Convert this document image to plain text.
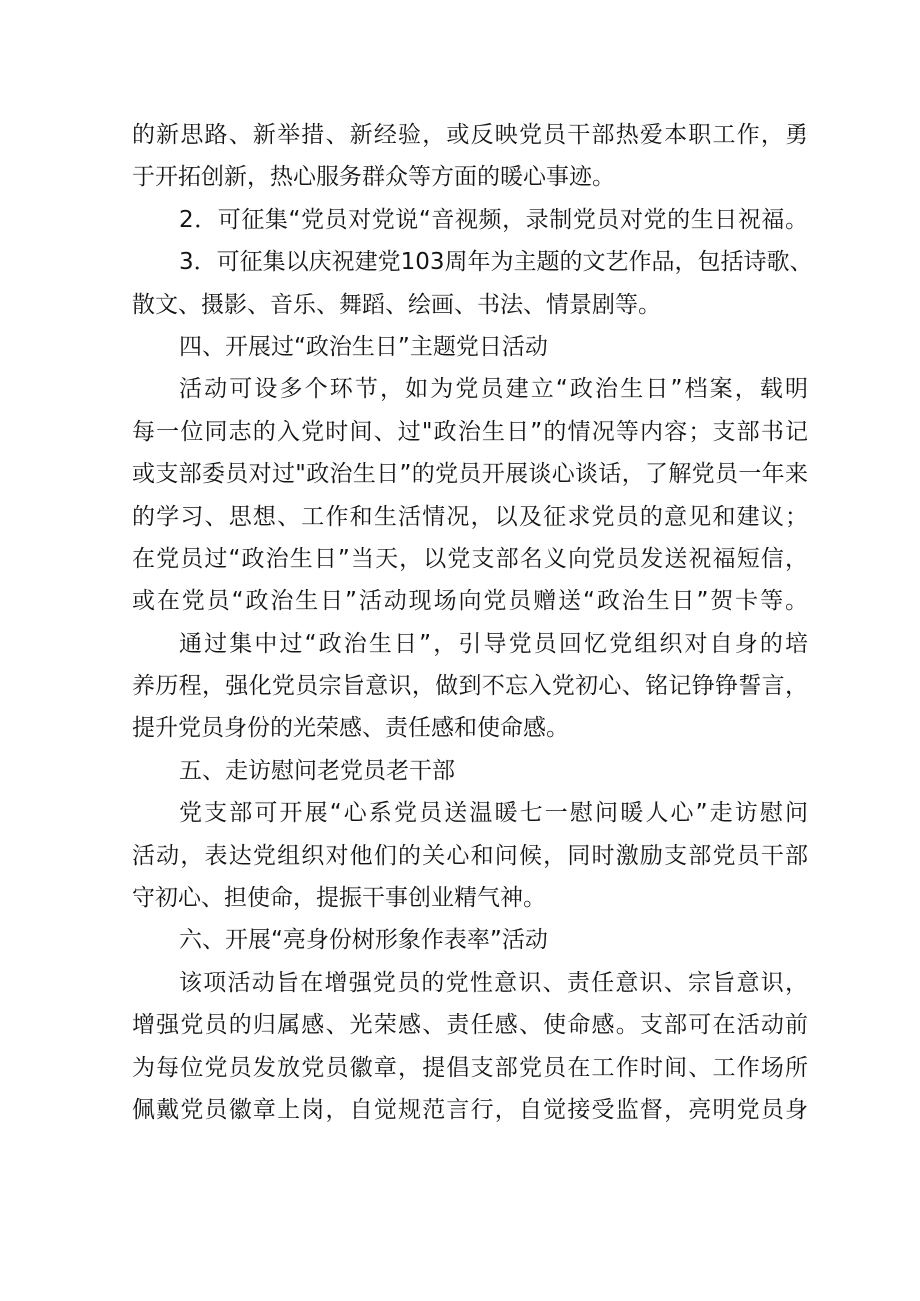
的新思路、新举措、新经验，或反映党员干部热爱本职工作，勇
于开拓创新，热心服务群众等方面的暖心事迹。
2．可征集“党员对党说“音视频，录制党员对党的生日祝福。
3．可征集以庆祝建党103周年为主题的文艺作品，包括诗歌、
散文、摄影、音乐、舞蹈、绘画、书法、情景剧等。
四、开展过“政治生日”主题党日活动
活动可设多个环节，如为党员建立“政治生日”档案，载明
每一位同志的入党时间、过"政治生日”的情况等内容；支部书记
或支部委员对过"政治生日”的党员开展谈心谈话，了解党员一年来
的学习、思想、工作和生活情况，以及征求党员的意见和建议；
在党员过“政治生日”当天，以党支部名义向党员发送祝福短信，
或在党员“政治生日”活动现场向党员赠送“政治生日”贺卡等。
通过集中过“政治生日”，引导党员回忆党组织对自身的培
养历程，强化党员宗旨意识，做到不忘入党初心、铭记铮铮誓言，
提升党员身份的光荣感、责任感和使命感。
五、走访慰问老党员老干部
党支部可开展“心系党员送温暖七一慰问暖人心”走访慰问
活动，表达党组织对他们的关心和问候，同时激励支部党员干部
守初心、担使命，提振干事创业精气神。
六、开展“亮身份树形象作表率”活动
该项活动旨在增强党员的党性意识、责任意识、宗旨意识，
增强党员的归属感、光荣感、责任感、使命感。支部可在活动前
为每位党员发放党员徽章，提倡支部党员在工作时间、工作场所
佩戴党员徽章上岗，自觉规范言行，自觉接受监督，亮明党员身
